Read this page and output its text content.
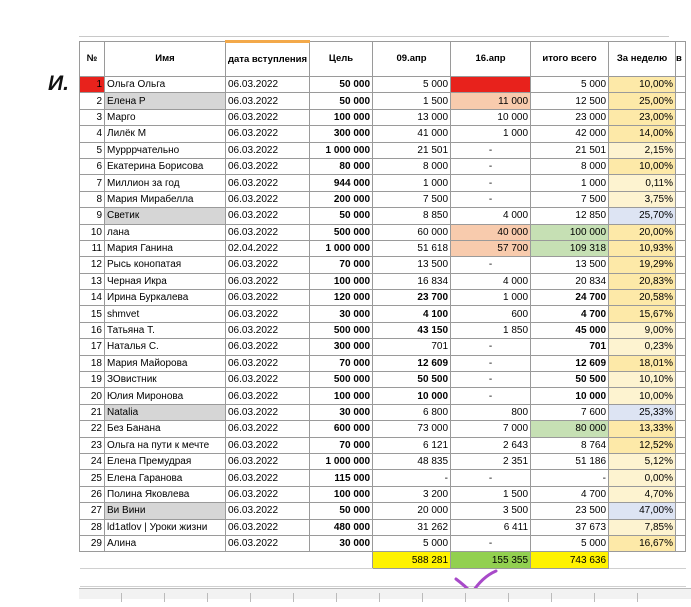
И.
№	Имя	дата вступления	Цель	09.апр	16.апр	итого всего	За неделю	в
1	Ольга Ольга	06.03.2022	50 000	5 000		5 000	10,00%	
2	Елена Р	06.03.2022	50 000	1 500	11 000	12 500	25,00%	
3	Марго	06.03.2022	100 000	13 000	10 000	23 000	23,00%	
4	Лилёк М	06.03.2022	300 000	41 000	1 000	42 000	14,00%	
5	Мурррчательно	06.03.2022	1 000 000	21 501	-	21 501	2,15%	
6	Екатерина Борисова	06.03.2022	80 000	8 000	-	8 000	10,00%	
7	Миллион за год	06.03.2022	944 000	1 000	-	1 000	0,11%	
8	Мария Мирабелла	06.03.2022	200 000	7 500	-	7 500	3,75%	
9	Светик	06.03.2022	50 000	8 850	4 000	12 850	25,70%	
10	лана	06.03.2022	500 000	60 000	40 000	100 000	20,00%	
11	Мария Ганина	02.04.2022	1 000 000	51 618	57 700	109 318	10,93%	
12	Рысь конопатая	06.03.2022	70 000	13 500	-	13 500	19,29%	
13	Черная Икра	06.03.2022	100 000	16 834	4 000	20 834	20,83%	
14	Ирина Буркалева	06.03.2022	120 000	23 700	1 000	24 700	20,58%	
15	shmvet	06.03.2022	30 000	4 100	600	4 700	15,67%	
16	Татьяна Т.	06.03.2022	500 000	43 150	1 850	45 000	9,00%	
17	Наталья С.	06.03.2022	300 000	701	-	701	0,23%	
18	Мария Майорова	06.03.2022	70 000	12 609	-	12 609	18,01%	
19	ЗОвистник	06.03.2022	500 000	50 500	-	50 500	10,10%	
20	Юлия Миронова	06.03.2022	100 000	10 000	-	10 000	10,00%	
21	Natalia	06.03.2022	30 000	6 800	800	7 600	25,33%	
22	Без Банана	06.03.2022	600 000	73 000	7 000	80 000	13,33%	
23	Ольга на пути к мечте	06.03.2022	70 000	6 121	2 643	8 764	12,52%	
24	Елена Премудрая	06.03.2022	1 000 000	48 835	2 351	51 186	5,12%	
25	Елена Гаранова	06.03.2022	115 000	-	-	-	0,00%	
26	Полина Яковлева	06.03.2022	100 000	3 200	1 500	4 700	4,70%	
27	Ви Вини	06.03.2022	50 000	20 000	3 500	23 500	47,00%	
28	ld1atlov | Уроки жизни	06.03.2022	480 000	31 262	6 411	37 673	7,85%	
29	Алина	06.03.2022	30 000	5 000	-	5 000	16,67%	
				588 281	155 355	743 636		
